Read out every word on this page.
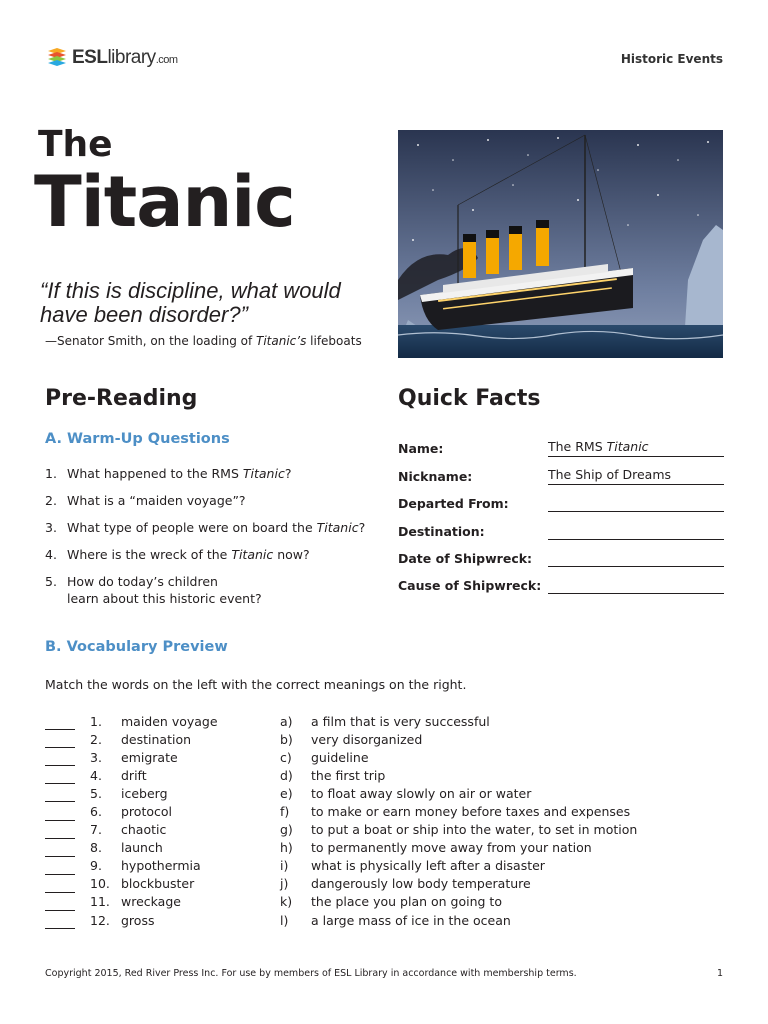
ESLlibrary.com	Historic Events
The
Titanic
“If this is discipline, what would have been disorder?”
—Senator Smith, on the loading of Titanic’s lifeboats
Pre-Reading
A. Warm-Up Questions
1. What happened to the RMS Titanic?
2. What is a “maiden voyage”?
3. What type of people were on board the Titanic?
4. Where is the wreck of the Titanic now?
5. How do today’s children
learn about this historic event?
Quick Facts
Name:	The RMS Titanic
Nickname:	The Ship of Dreams
Departed From:
Destination:
Date of Shipwreck:
Cause of Shipwreck:
B. Vocabulary Preview
Match the words on the left with the correct meanings on the right.
1.	maiden voyage	a)	a film that is very successful
2.	destination	b)	very disorganized
3.	emigrate	c)	guideline
4.	drift	d)	the first trip
5.	iceberg	e)	to float away slowly on air or water
6.	protocol	f)	to make or earn money before taxes and expenses
7.	chaotic	g)	to put a boat or ship into the water, to set in motion
8.	launch	h)	to permanently move away from your nation
9.	hypothermia	i)	what is physically left after a disaster
10. blockbuster	j)	dangerously low body temperature
11. wreckage	k)	the place you plan on going to
12. gross	l)	a large mass of ice in the ocean
Copyright 2015, Red River Press Inc. For use by members of ESL Library in accordance with membership terms.	1
